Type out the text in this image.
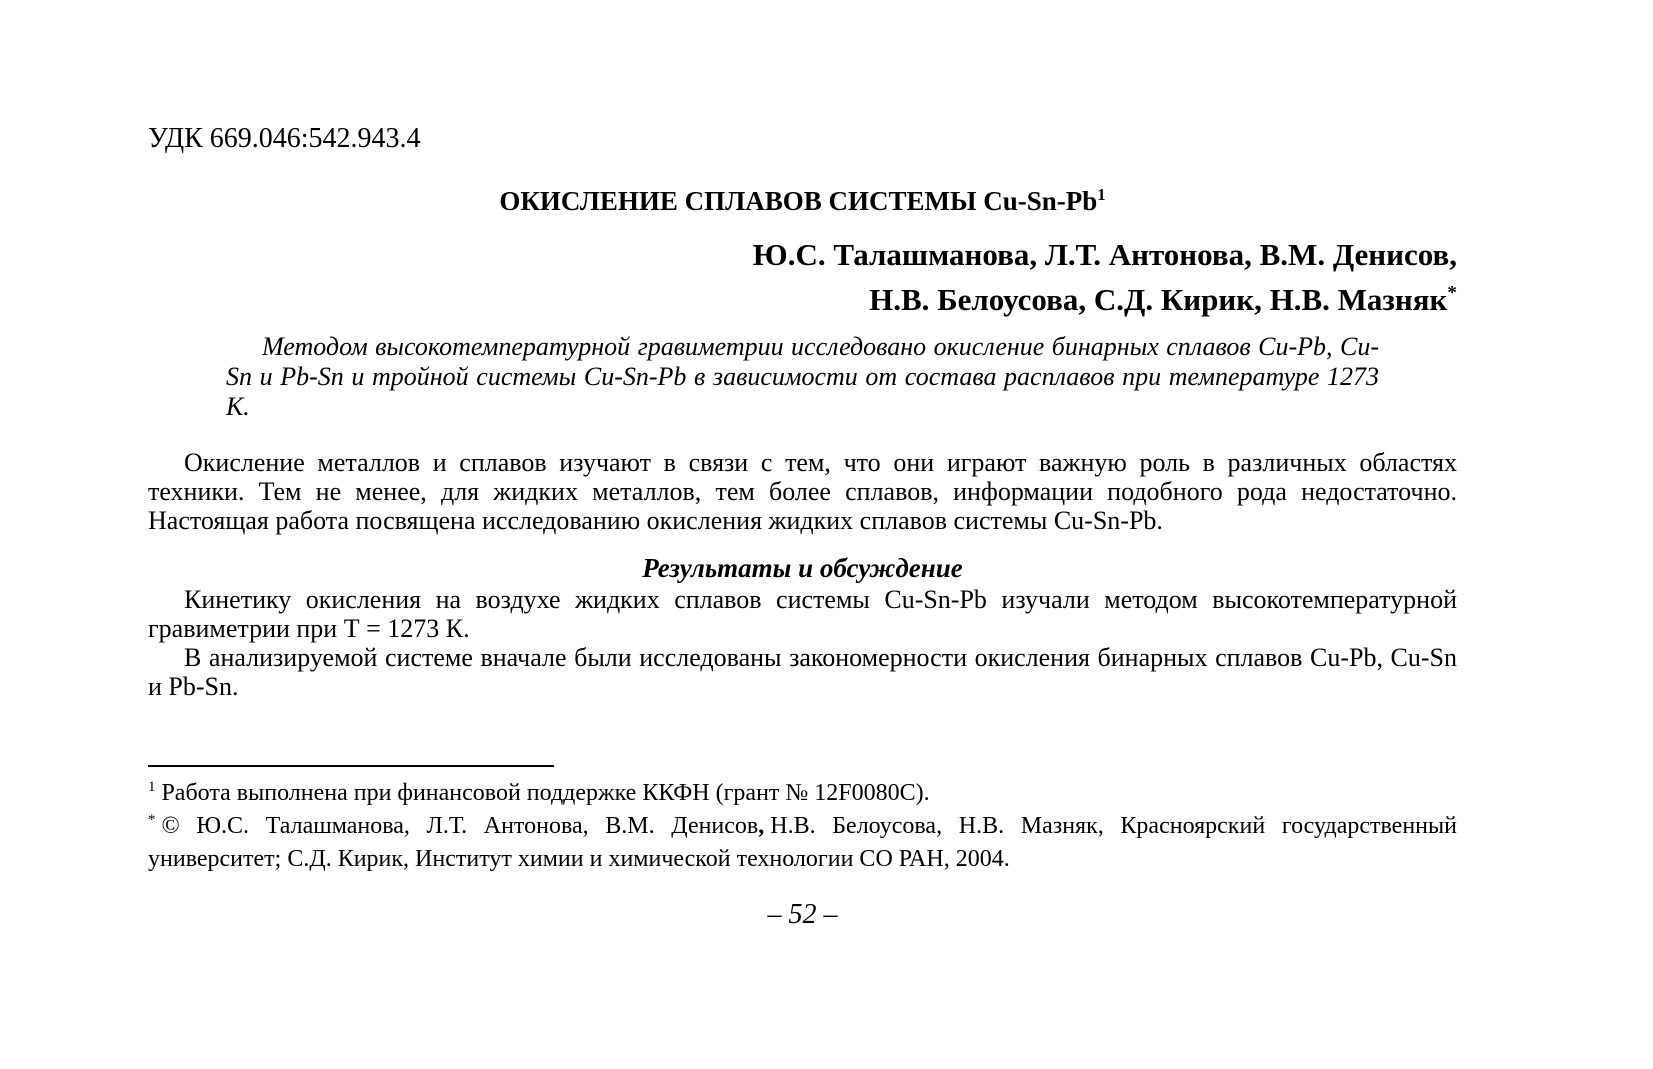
УДК 669.046:542.943.4
ОКИСЛЕНИЕ СПЛАВОВ СИСТЕМЫ Cu-Sn-Pb$^1$
Ю.С. Талашманова, Л.Т. Антонова, В.М. Денисов,
Н.В. Белоусова, С.Д. Кирик, Н.В. Мазняк*
Методом высокотемпературной гравиметрии исследовано окисление бинарных сплавов Cu-Pb, Cu-Sn и Pb-Sn и тройной системы Cu-Sn-Pb в зависимости от состава расплавов при температуре 1273 К.

Окисление металлов и сплавов изучают в связи с тем, что они играют важную роль в различных областях техники. Тем не менее, для жидких металлов, тем более сплавов, информации подобного рода недостаточно. Настоящая работа посвящена исследованию окисления жидких сплавов системы Cu-Sn-Pb.

Результаты и обсуждение

Кинетику окисления на воздухе жидких сплавов системы Cu-Sn-Pb изучали методом высокотемпературной гравиметрии при Т = 1273 К.

В анализируемой системе вначале были исследованы закономерности окисления бинарных сплавов Cu-Pb, Cu-Sn и Pb-Sn.

$^1$ Работа выполнена при финансовой поддержке ККФН (грант № 12F0080C).

* © Ю.С. Талашманова, Л.Т. Антонова, В.М. Денисов, Н.В. Белоусова, Н.В. Мазняк, Красноярский государственный университет; С.Д. Кирик, Институт химии и химической технологии СО РАН, 2004.

– 52 –
